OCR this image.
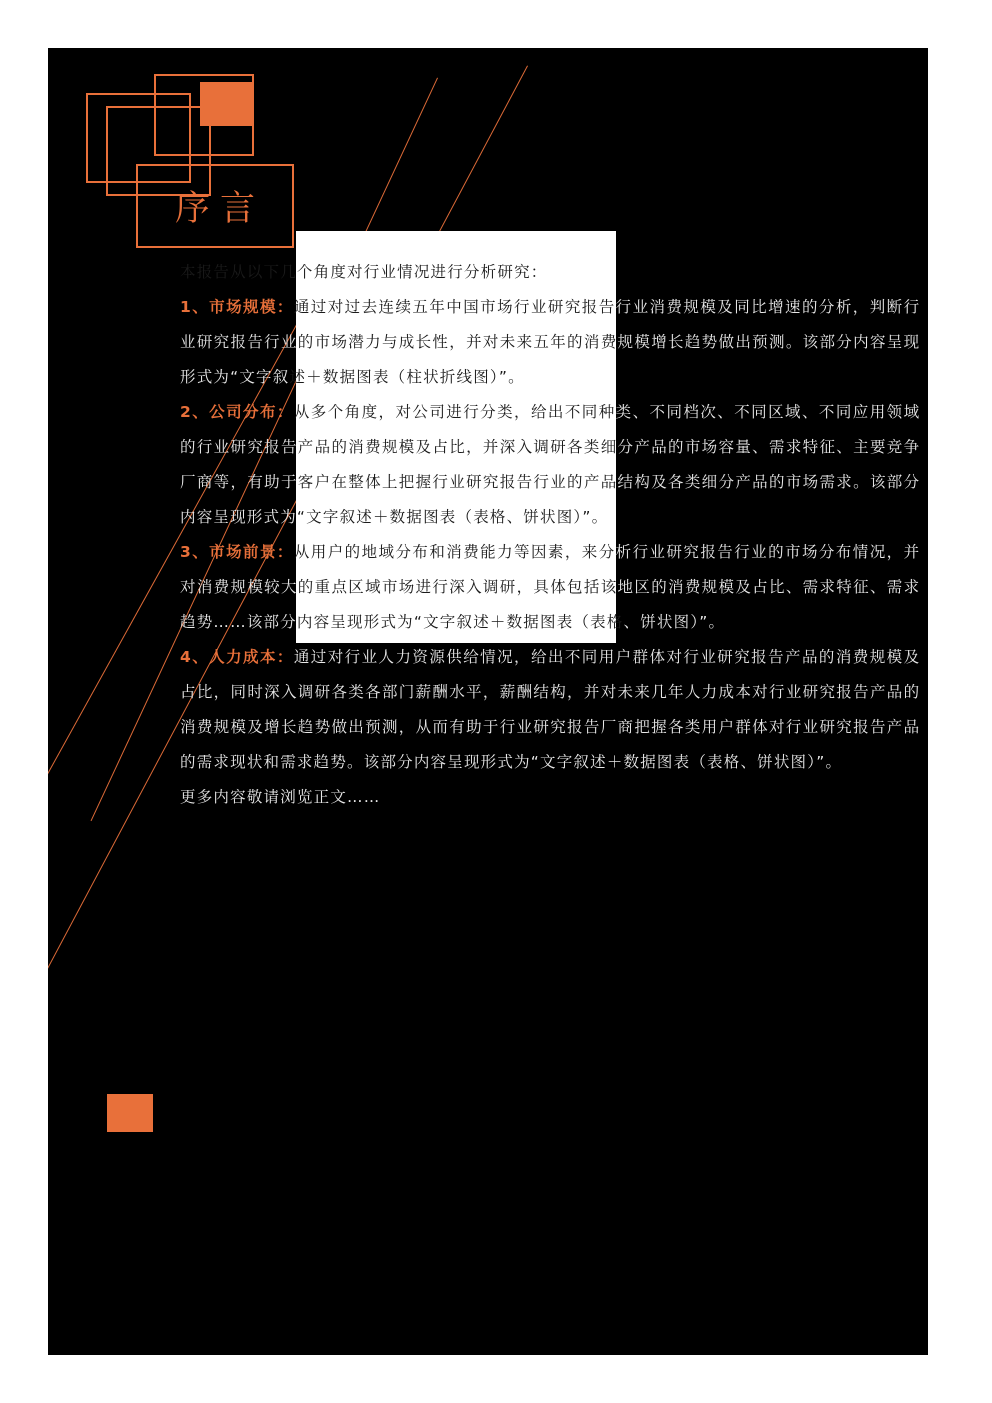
序言

本报告从以下几个角度对行业情况进行分析研究：

1、市场规模：通过对过去连续五年中国市场行业研究报告行业消费规模及同比增速的分析，判断行业研究报告行业的市场潜力与成长性，并对未来五年的消费规模增长趋势做出预测。该部分内容呈现形式为“文字叙述＋数据图表（柱状折线图）”。

2、公司分布：从多个角度，对公司进行分类，给出不同种类、不同档次、不同区域、不同应用领域的行业研究报告产品的消费规模及占比，并深入调研各类细分产品的市场容量、需求特征、主要竞争厂商等，有助于客户在整体上把握行业研究报告行业的产品结构及各类细分产品的市场需求。该部分内容呈现形式为“文字叙述＋数据图表（表格、饼状图）”。

3、市场前景：从用户的地域分布和消费能力等因素，来分析行业研究报告行业的市场分布情况，并对消费规模较大的重点区域市场进行深入调研，具体包括该地区的消费规模及占比、需求特征、需求趋势……该部分内容呈现形式为“文字叙述＋数据图表（表格、饼状图）”。

4、人力成本：通过对行业人力资源供给情况，给出不同用户群体对行业研究报告产品的消费规模及占比，同时深入调研各类各部门薪酬水平，薪酬结构，并对未来几年人力成本对行业研究报告产品的消费规模及增长趋势做出预测，从而有助于行业研究报告厂商把握各类用户群体对行业研究报告产品的需求现状和需求趋势。该部分内容呈现形式为“文字叙述＋数据图表（表格、饼状图）”。

更多内容敬请浏览正文……
